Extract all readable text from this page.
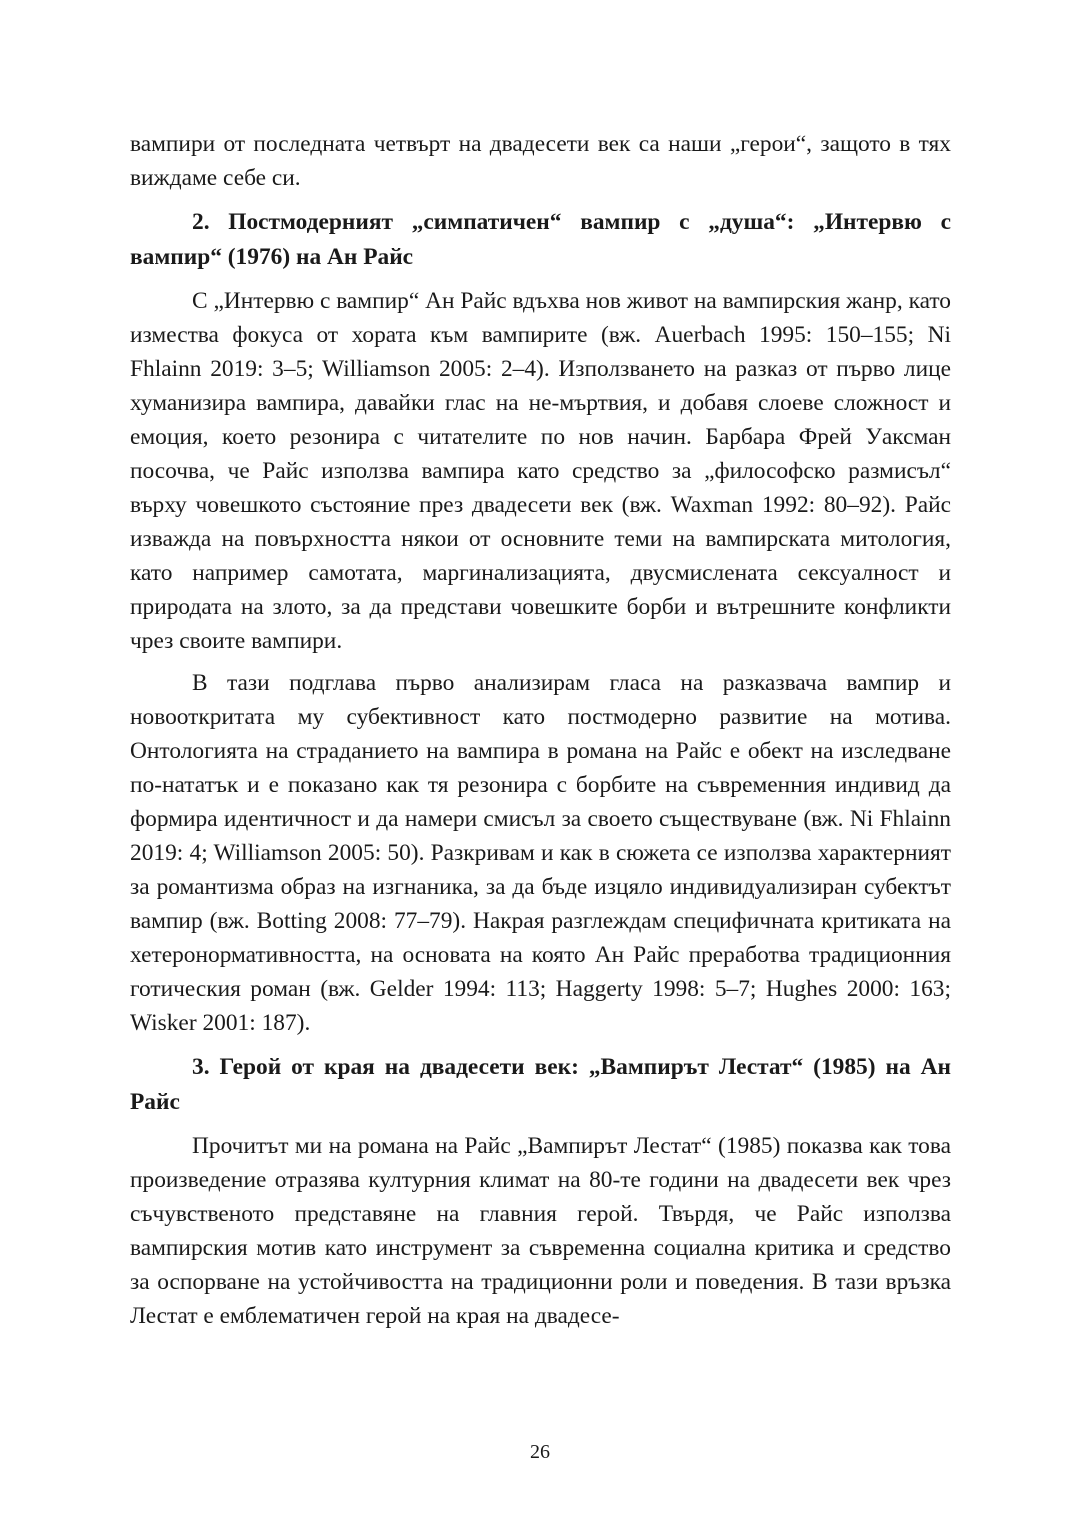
вампири от последната четвърт на двадесети век са наши „герои“, защото в тях виждаме себе си.

2. Постмодерният „симпатичен“ вампир с „душа“: „Интервю с вампир“ (1976) на Ан Райс

С „Интервю с вампир“ Ан Райс вдъхва нов живот на вампирския жанр, като измества фокуса от хората към вампирите (вж. Auerbach 1995: 150–155; Ni Fhlainn 2019: 3–5; Williamson 2005: 2–4). Използването на разказ от първо лице хуманизира вампира, давайки глас на не-мъртвия, и добавя слоеве сложност и емоция, което резонира с читателите по нов начин. Барбара Фрей Уаксман посочва, че Райс използва вампира като средство за „философско размисъл“ върху човешкото състояние през двадесети век (вж. Waxman 1992: 80–92). Райс изважда на повърхността някои от основните теми на вампирската митология, като например самотата, маргинализацията, двусмислената сексуалност и природата на злото, за да представи човешките борби и вътрешните конфликти чрез своите вампири.

В тази подглава първо анализирам гласа на разказвача вампир и новооткритата му субективност като постмодерно развитие на мотива. Онтологията на страданието на вампира в романа на Райс е обект на изследване по-нататък и е показано как тя резонира с борбите на съвременния индивид да формира идентичност и да намери смисъл за своето съществуване (вж. Ni Fhlainn 2019: 4; Williamson 2005: 50). Разкривам и как в сюжета се използва характерният за романтизма образ на изгнаника, за да бъде изцяло индивидуализиран субектът вампир (вж. Botting 2008: 77–79). Накрая разглеждам специфичната критиката на хетеронормативността, на основата на която Ан Райс преработва традиционния готическия роман (вж. Gelder 1994: 113; Haggerty 1998: 5–7; Hughes 2000: 163; Wisker 2001: 187).

3. Герой от края на двадесети век: „Вампирът Лестат“ (1985) на Ан Райс

Прочитът ми на романа на Райс „Вампирът Лестат“ (1985) показва как това произведение отразява културния климат на 80-те години на двадесети век чрез съчувственото представяне на главния герой. Твърдя, че Райс използва вампирския мотив като инструмент за съвременна социална критика и средство за оспорване на устойчивостта на традиционни роли и поведения. В тази връзка Лестат е емблематичен герой на края на двадесе-

26
